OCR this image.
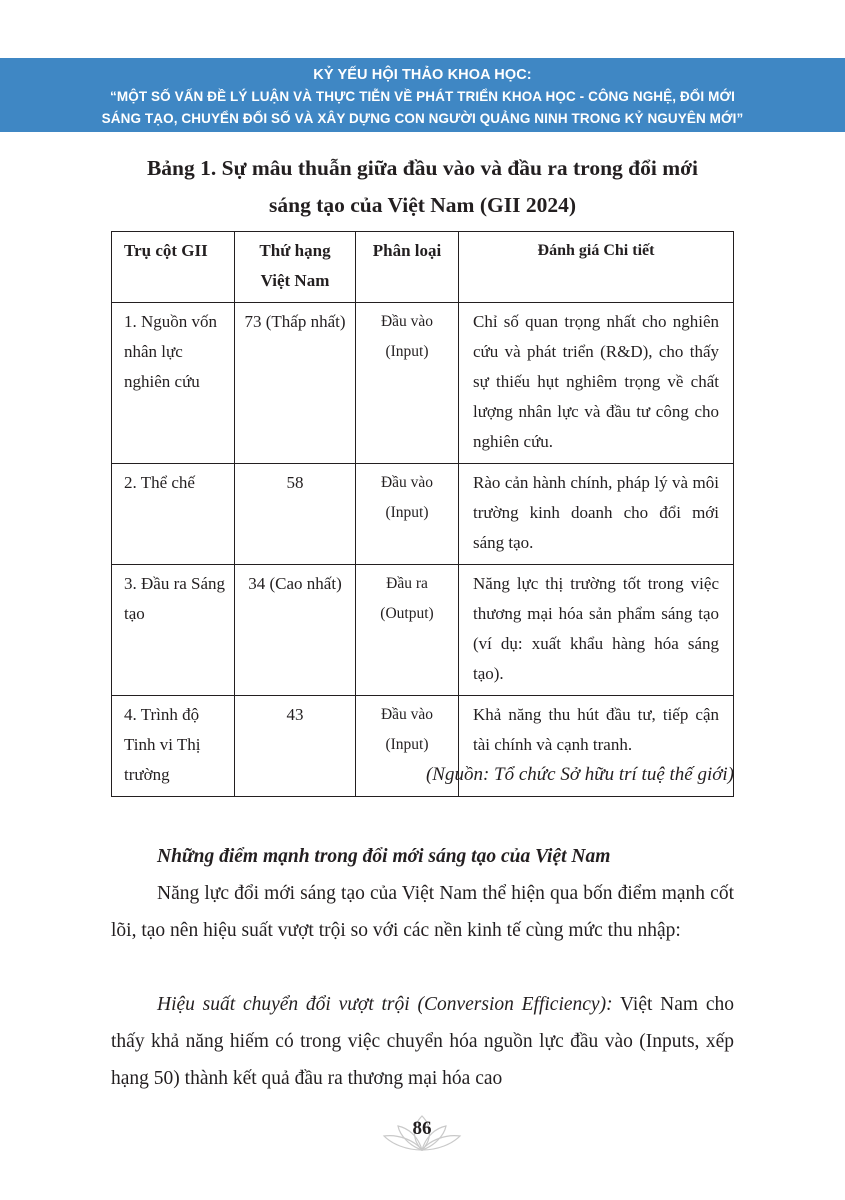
KỶ YẾU HỘI THẢO KHOA HỌC:
“MỘT SỐ VẤN ĐỀ LÝ LUẬN VÀ THỰC TIỄN VỀ PHÁT TRIỂN KHOA HỌC - CÔNG NGHỆ, ĐỔI MỚI
SÁNG TẠO, CHUYỂN ĐỔI SỐ VÀ XÂY DỰNG CON NGƯỜI QUẢNG NINH TRONG KỶ NGUYÊN MỚI”
Bảng 1. Sự mâu thuẫn giữa đầu vào và đầu ra trong đổi mới
sáng tạo của Việt Nam (GII 2024)
Trụ cột GII	Thứ hạng Việt Nam	Phân loại	Đánh giá Chi tiết
1. Nguồn vốn nhân lực nghiên cứu	73 (Thấp nhất)	Đầu vào (Input)	Chỉ số quan trọng nhất cho nghiên cứu và phát triển (R&D), cho thấy sự thiếu hụt nghiêm trọng về chất lượng nhân lực và đầu tư công cho nghiên cứu.
2. Thể chế	58	Đầu vào (Input)	Rào cản hành chính, pháp lý và môi trường kinh doanh cho đổi mới sáng tạo.
3. Đầu ra Sáng tạo	34 (Cao nhất)	Đầu ra (Output)	Năng lực thị trường tốt trong việc thương mại hóa sản phẩm sáng tạo (ví dụ: xuất khẩu hàng hóa sáng tạo).
4. Trình độ Tinh vi Thị trường	43	Đầu vào (Input)	Khả năng thu hút đầu tư, tiếp cận tài chính và cạnh tranh.
(Nguồn: Tổ chức Sở hữu trí tuệ thế giới)
Những điểm mạnh trong đổi mới sáng tạo của Việt Nam
Năng lực đổi mới sáng tạo của Việt Nam thể hiện qua bốn điểm mạnh cốt lõi, tạo nên hiệu suất vượt trội so với các nền kinh tế cùng mức thu nhập:
Hiệu suất chuyển đổi vượt trội (Conversion Efficiency): Việt Nam cho thấy khả năng hiếm có trong việc chuyển hóa nguồn lực đầu vào (Inputs, xếp hạng 50) thành kết quả đầu ra thương mại hóa cao
86
